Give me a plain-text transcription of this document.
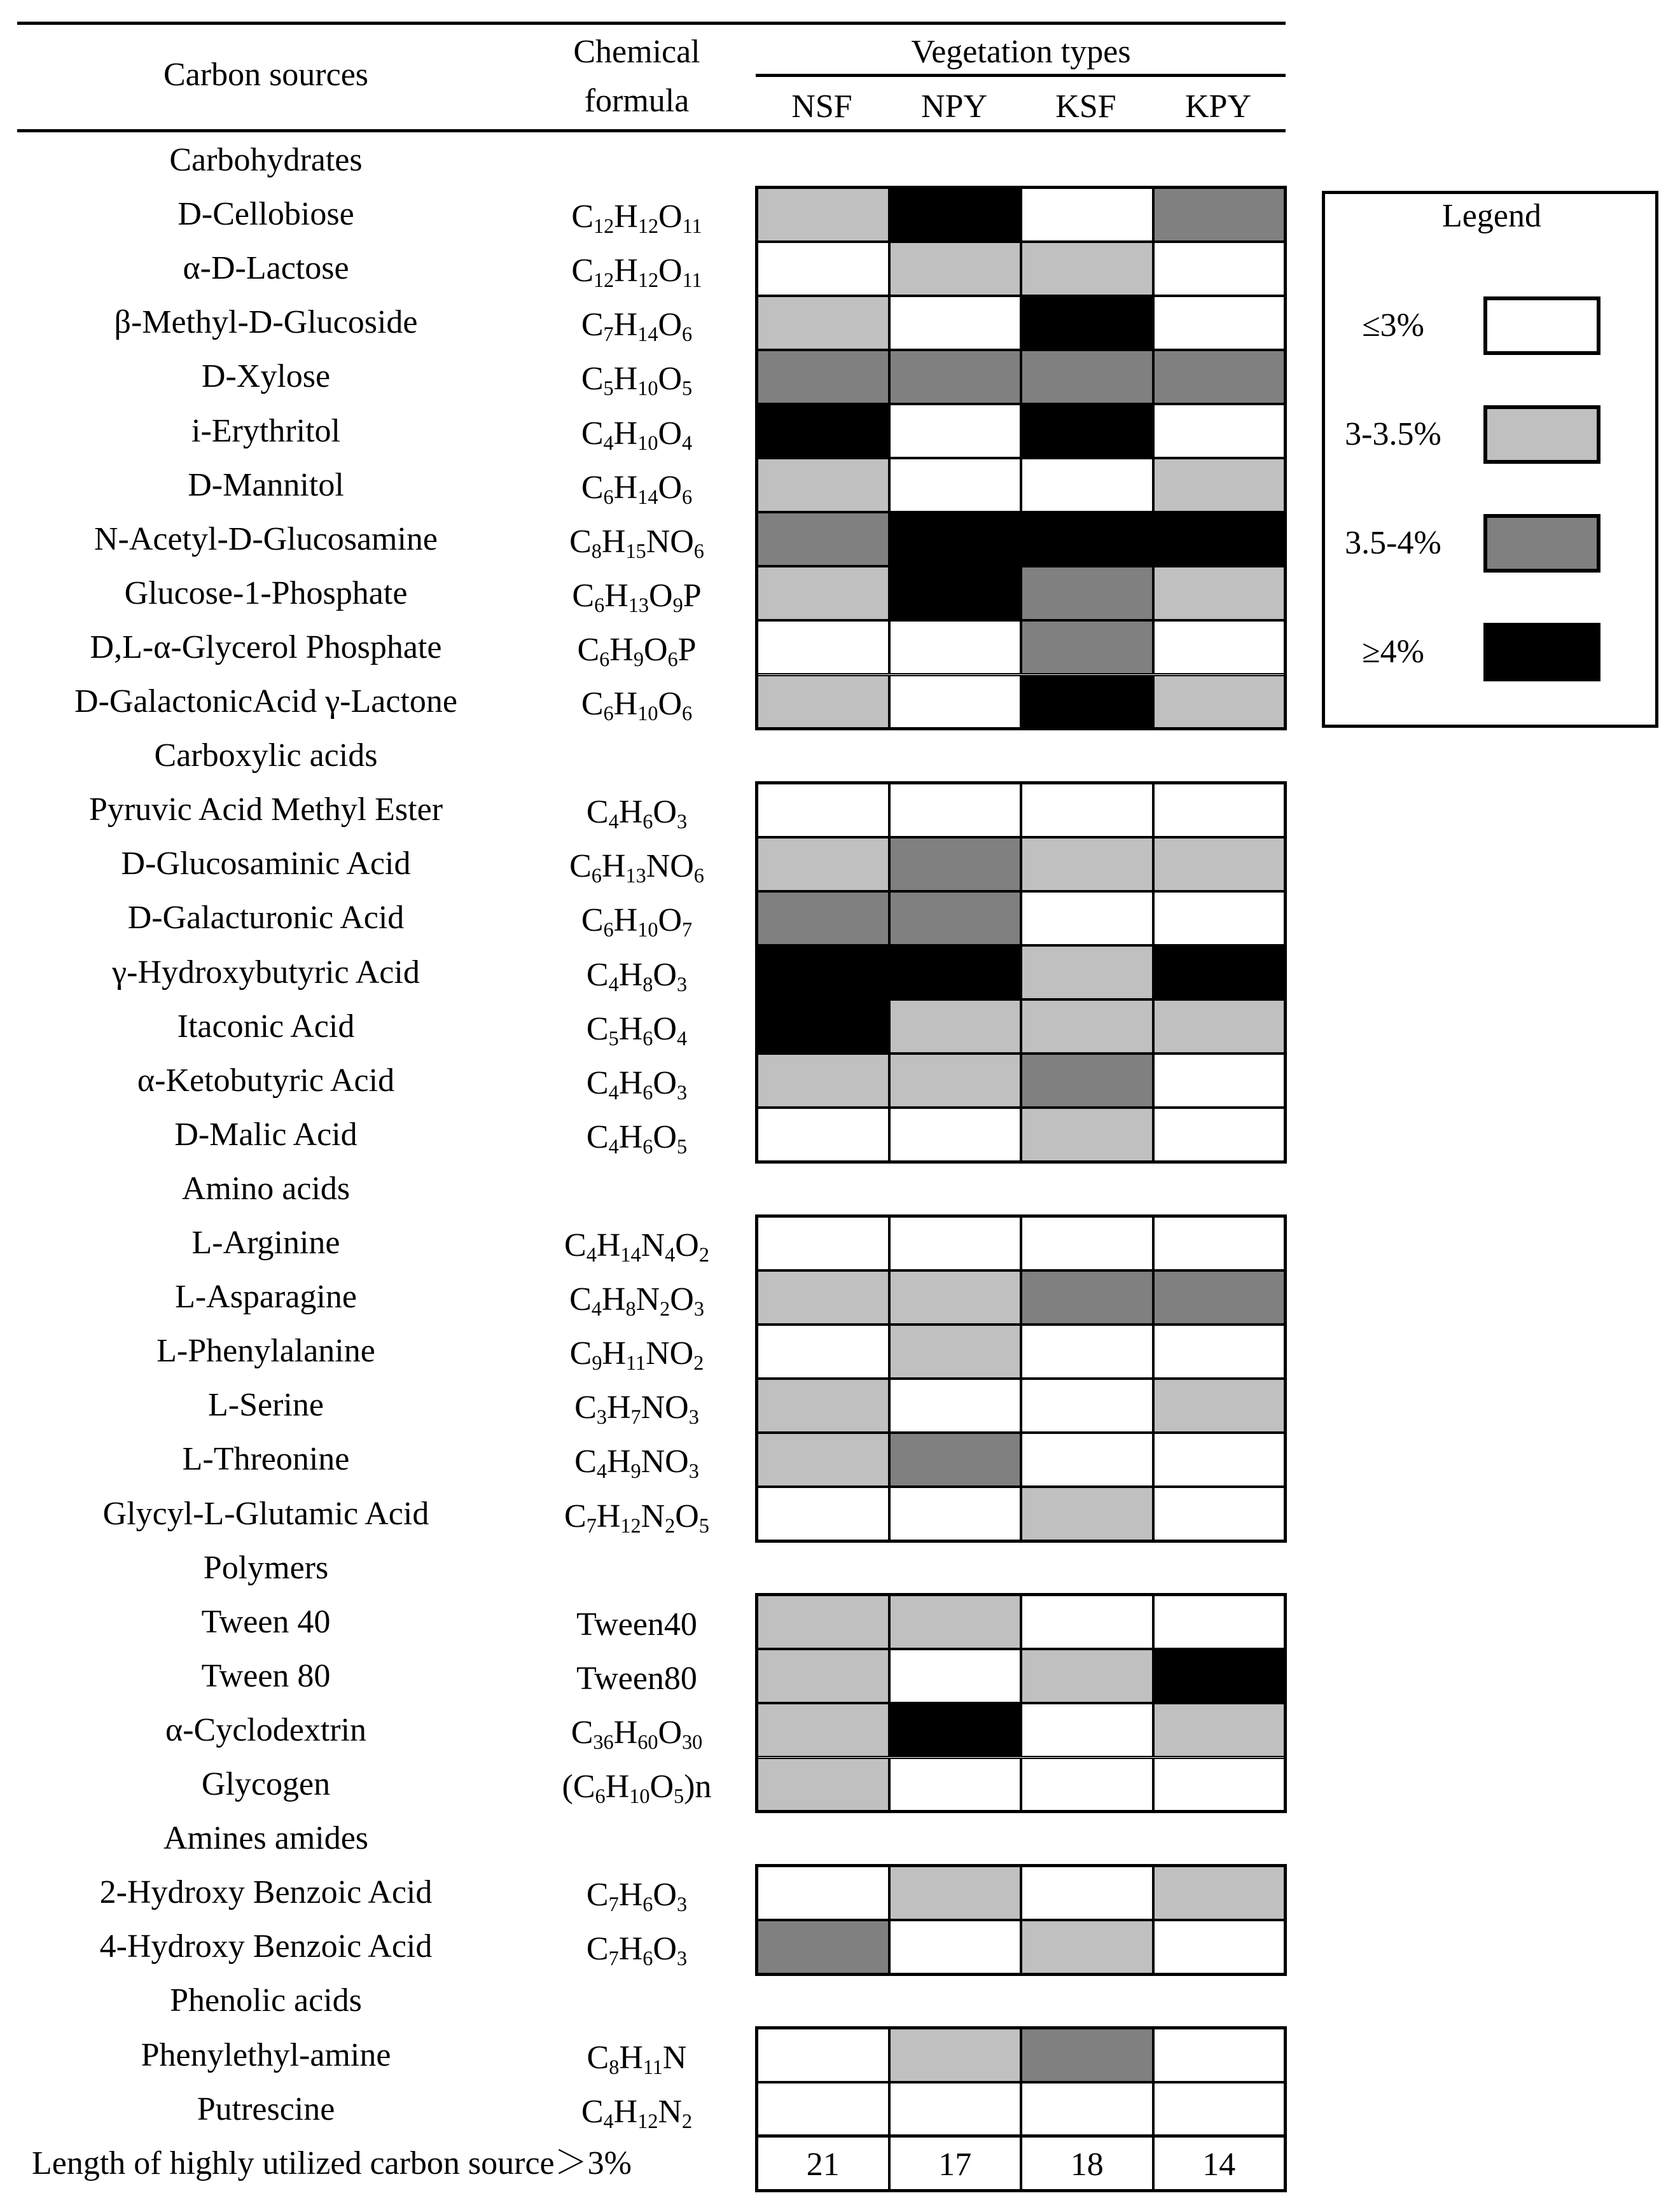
Carbon sources
Chemical
formula
Vegetation types
NSF NPY KSF KPY
Carbohydrates
D-Cellobiose	$C_{12}H_{12}O_{11}$
α-D-Lactose	$C_{12}H_{12}O_{11}$
β-Methyl-D-Glucoside	$C_7H_{14}O_6$
D-Xylose	$C_5H_{10}O_5$
i-Erythritol	$C_4H_{10}O_4$
D-Mannitol	$C_6H_{14}O_6$
N-Acetyl-D-Glucosamine	$C_8H_{15}NO_6$
Glucose-1-Phosphate	$C_6H_{13}O_9P$
D,L-α-Glycerol Phosphate	$C_6H_9O_6P$
D-GalactonicAcid γ-Lactone	$C_6H_{10}O_6$
Carboxylic acids
Pyruvic Acid Methyl Ester	$C_4H_6O_3$
D-Glucosaminic Acid	$C_6H_{13}NO_6$
D-Galacturonic Acid	$C_6H_{10}O_7$
γ-Hydroxybutyric Acid	$C_4H_8O_3$
Itaconic Acid	$C_5H_6O_4$
α-Ketobutyric Acid	$C_4H_6O_3$
D-Malic Acid	$C_4H_6O_5$
Amino acids
L-Arginine	$C_4H_{14}N_4O_2$
L-Asparagine	$C_4H_8N_2O_3$
L-Phenylalanine	$C_9H_{11}NO_2$
L-Serine	$C_3H_7NO_3$
L-Threonine	$C_4H_9NO_3$
Glycyl-L-Glutamic Acid	$C_7H_{12}N_2O_5$
Polymers
Tween 40	Tween40
Tween 80	Tween80
α-Cyclodextrin	$C_{36}H_{60}O_{30}$
Glycogen	$(C_6H_{10}O_5)n$
Amines amides
2-Hydroxy Benzoic Acid	$C_7H_6O_3$
4-Hydroxy Benzoic Acid	$C_7H_6O_3$
Phenolic acids
Phenylethyl-amine	$C_8H_{11}N$
Putrescine	$C_4H_{12}N_2$
Length of highly utilized carbon source＞3%	21	17	18	14
Legend
≤3%
3-3.5%
3.5-4%
≥4%
